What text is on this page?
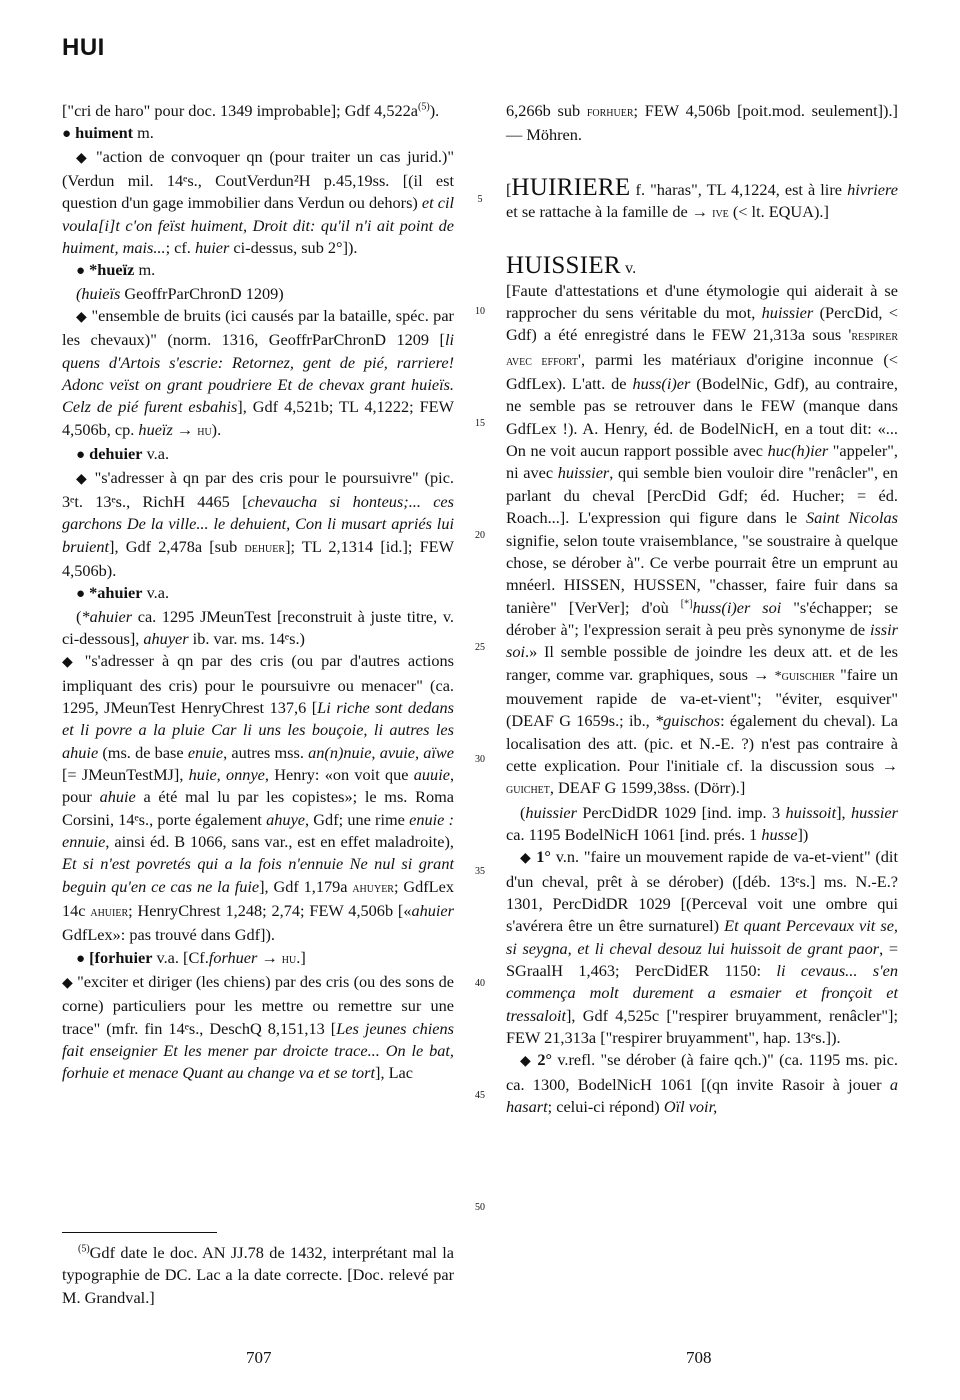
HUI

["cri de haro" pour doc. 1349 improbable]; Gdf $4,522a^{(5)}$).

● huiment m.

◆ "action de convoquer qn (pour traiter un cas jurid.)" (Verdun mil. 14ᵉs., CoutVerdun²H p.45,19ss. [(il est question d'un gage immobilier dans Verdun ou dehors) et cil voula[i]t c'on feïst huiment, Droit dit: qu'il n'i ait point de huiment, mais...; cf. huier ci-dessus, sub 2°]).

● *hueïz m.

(huieïs GeoffrParChronD 1209)

◆ "ensemble de bruits (ici causés par la bataille, spéc. par les chevaux)" (norm. 1316, GeoffrParChronD 1209 [li quens d'Artois s'escrie: Retornez, gent de pié, rarriere! Adonc veïst on grant poudriere Et de chevax grant huieïs. Celz de pié furent esbahis], Gdf 4,521b; TL 4,1222; FEW 4,506b, cp. hueïz → hu).

● dehuier v.a.

◆ "s'adresser à qn par des cris pour le poursuivre" (pic. 3ᵉt. 13ᵉs., RichH 4465 [chevaucha si honteus;... ces garchons De la ville... le dehuient, Con li musart apriés lui bruient], Gdf 2,478a [sub dehuer]; TL 2,1314 [id.]; FEW 4,506b).

● *ahuier v.a.

(*ahuier ca. 1295 JMeunTest [reconstruit à juste titre, v. ci-dessous], ahuyer ib. var. ms. 14ᵉs.)

◆ "s'adresser à qn par des cris (ou par d'autres actions impliquant des cris) pour le poursuivre ou menacer" (ca. 1295, JMeunTest HenryChrest 137,6 [Li riche sont dedans et li povre a la pluie Car li uns les bouçoie, li autres les ahuie (ms. de base enuie, autres mss. an(n)nuie, avuie, aïwe [= JMeunTestMJ], huie, onnye, Henry: «on voit que auuie, pour ahuie a été mal lu par les copistes»; le ms. Roma Corsini, 14ᵉs., porte également ahuye, Gdf; une rime enuie : ennuie, ainsi éd. B 1066, sans var., est en effet maladroite), Et si n'est povretés qui a la fois n'ennuie Ne nul si grant beguin qu'en ce cas ne la fuie], Gdf 1,179a ahuyer; GdfLex 14c ahuier; HenryChrest 1,248; 2,74; FEW 4,506b [«ahuier GdfLex»: pas trouvé dans Gdf]).

● [forhuier v.a. [Cf.forhuer → hu.]

◆ "exciter et diriger (les chiens) par des cris (ou des sons de corne) particuliers pour les mettre ou remettre sur une trace" (mfr. fin 14ᵉs., DeschQ 8,151,13 [Les jeunes chiens fait enseignier Et les mener par droicte trace... On le bat, forhuie et menace Quant au change va et se tort], Lac

5
10
15
20
25
30
35
40
45
50

6,266b sub forhuer; FEW 4,506b [poit.mod. seulement]).] — Möhren.

[HUIRIERE f. "haras", TL 4,1224, est à lire hivriere et se rattache à la famille de → ive (< lt. EQUA).]

HUISSIER v.

[Faute d'attestations et d'une étymologie qui aiderait à se rapprocher du sens véritable du mot, huissier (PercDid, < Gdf) a été enregistré dans le FEW 21,313a sous 'respirer avec effort', parmi les matériaux d'origine inconnue (< GdfLex). L'att. de huss(i)er (BodelNic, Gdf), au contraire, ne semble pas se retrouver dans le FEW (manque dans GdfLex !). A. Henry, éd. de BodelNicH, en a tout dit: «... On ne voit aucun rapport possible avec huc(h)ier "appeler", ni avec huissier, qui semble bien vouloir dire "renâcler", en parlant du cheval [PercDid Gdf; éd. Hucher; = éd. Roach...]. L'expression qui figure dans le Saint Nicolas signifie, selon toute vraisemblance, "se soustraire à quelque chose, se dérober à". Ce verbe pourrait être un emprunt au mnéerl. HISSEN, HUSSEN, "chasser, faire fuir dans sa tanière" [VerVer]; d'où [*]huss(i)er soi "s'échapper; se dérober à"; l'expression serait à peu près synonyme de issir soi.» Il semble possible de joindre les deux att. et de les ranger, comme var. graphiques, sous → *guischier "faire un mouvement rapide de va-et-vient"; "éviter, esquiver" (DEAF G 1659s.; ib., *guischos: également du cheval). La localisation des att. (pic. et N.-E. ?) n'est pas contraire à cette explication. Pour l'initiale cf. la discussion sous → guichet, DEAF G 1599,38ss. (Dörr).]

(huissier PercDidDR 1029 [ind. imp. 3 huissoit], hussier ca. 1195 BodelNicH 1061 [ind. prés. 1 husse])

◆ 1° v.n. "faire un mouvement rapide de va-et-vient" (dit d'un cheval, prêt à se dérober) ([déb. 13ᵉs.] ms. N.-E.? 1301, PercDidDR 1029 [(Perceval voit une ombre qui s'avérera être un être surnaturel) Et quant Percevaux vit se, si seygna, et li cheval desouz lui huissoit de grant paor, = SGraalH 1,463; PercDidER 1150: li cevaus... s'en commença molt durement a esmaier et fronçoit et tressaloit], Gdf 4,525c ["respirer bruyamment, renâcler"]; FEW 21,313a ["respirer bruyamment", hap. 13ᵉs.]).

◆ 2° v.refl. "se dérober (à faire qch.)" (ca. 1195 ms. pic. ca. 1300, BodelNicH 1061 [(qn invite Rasoir à jouer a hasart; celui-ci répond) Oïl voir,

$^{(5)}$Gdf date le doc. AN JJ.78 de 1432, interprétant mal la typographie de DC. Lac a la date correcte. [Doc. relevé par M. Grandval.]
707	708
